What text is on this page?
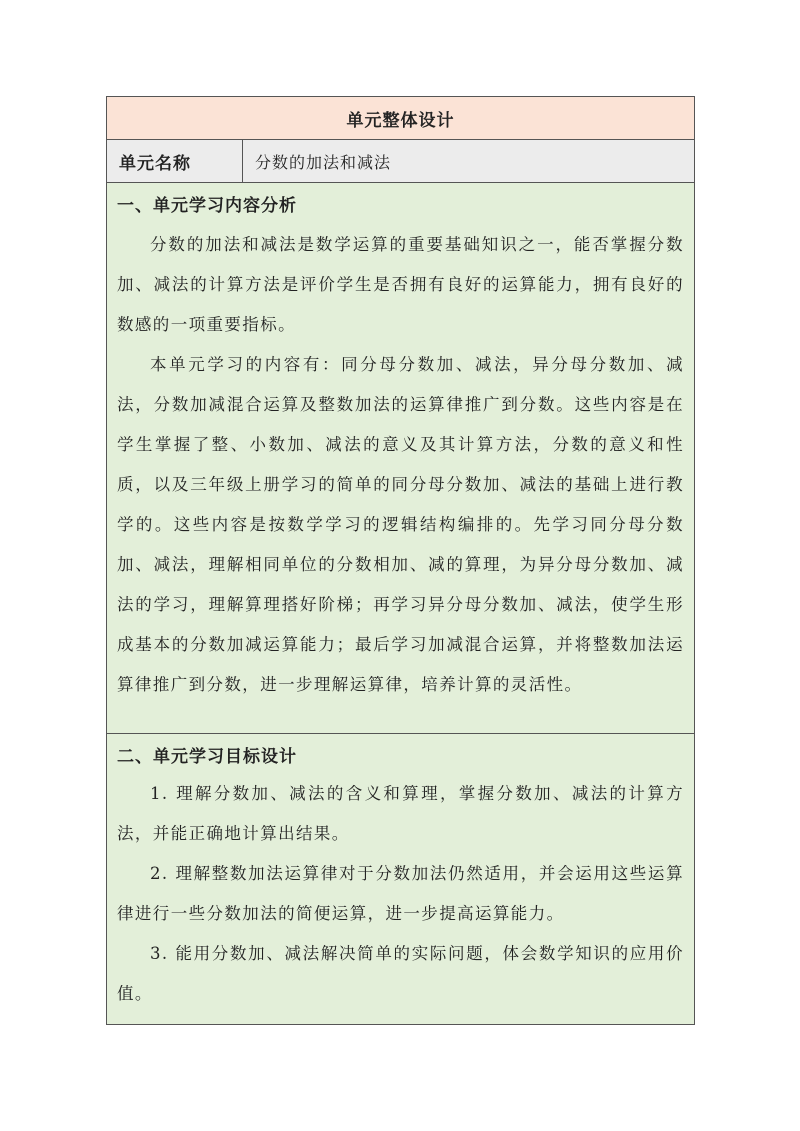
单元整体设计
单元名称	分数的加法和减法

一、单元学习内容分析

分数的加法和减法是数学运算的重要基础知识之一，能否掌握分数加、减法的计算方法是评价学生是否拥有良好的运算能力，拥有良好的数感的一项重要指标。

本单元学习的内容有：同分母分数加、减法，异分母分数加、减法，分数加减混合运算及整数加法的运算律推广到分数。这些内容是在学生掌握了整、小数加、减法的意义及其计算方法，分数的意义和性质，以及三年级上册学习的简单的同分母分数加、减法的基础上进行教学的。这些内容是按数学学习的逻辑结构编排的。先学习同分母分数加、减法，理解相同单位的分数相加、减的算理，为异分母分数加、减法的学习，理解算理搭好阶梯；再学习异分母分数加、减法，使学生形成基本的分数加减运算能力；最后学习加减混合运算，并将整数加法运算律推广到分数，进一步理解运算律，培养计算的灵活性。

二、单元学习目标设计

1. 理解分数加、减法的含义和算理，掌握分数加、减法的计算方法，并能正确地计算出结果。

2. 理解整数加法运算律对于分数加法仍然适用，并会运用这些运算律进行一些分数加法的简便运算，进一步提高运算能力。

3. 能用分数加、减法解决简单的实际问题，体会数学知识的应用价值。
